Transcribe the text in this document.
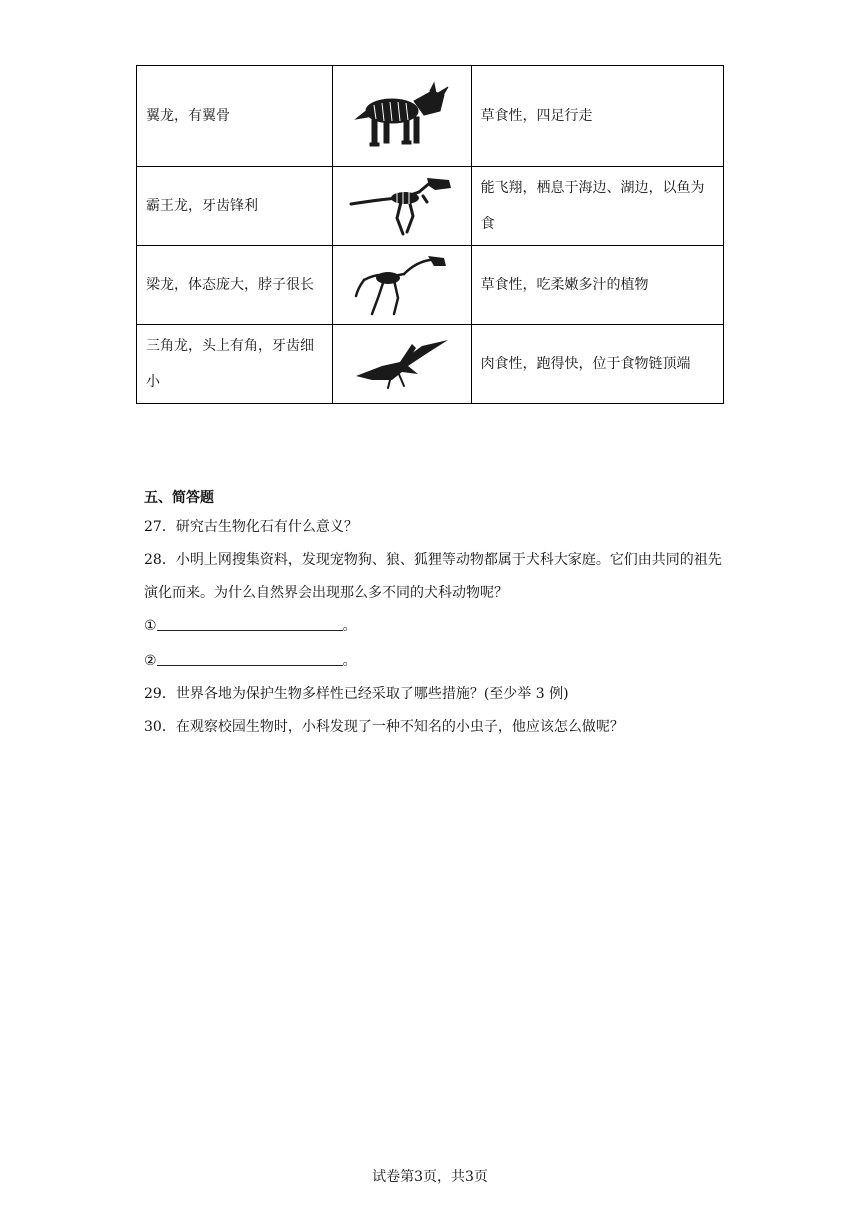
翼龙，有翼骨		草食性，四足行走
霸王龙，牙齿锋利		能飞翔，栖息于海边、湖边，以鱼为食
梁龙，体态庞大，脖子很长		草食性，吃柔嫩多汁的植物
三角龙，头上有角，牙齿细小		肉食性，跑得快，位于食物链顶端
五、简答题
27．研究古生物化石有什么意义？
28．小明上网搜集资料，发现宠物狗、狼、狐狸等动物都属于犬科大家庭。它们由共同的祖先演化而来。为什么自然界会出现那么多不同的犬科动物呢？
①	。
②	。
29．世界各地为保护生物多样性已经采取了哪些措施？(至少举 3 例)
30．在观察校园生物时，小科发现了一种不知名的小虫子，他应该怎么做呢？
试卷第3页，共3页
